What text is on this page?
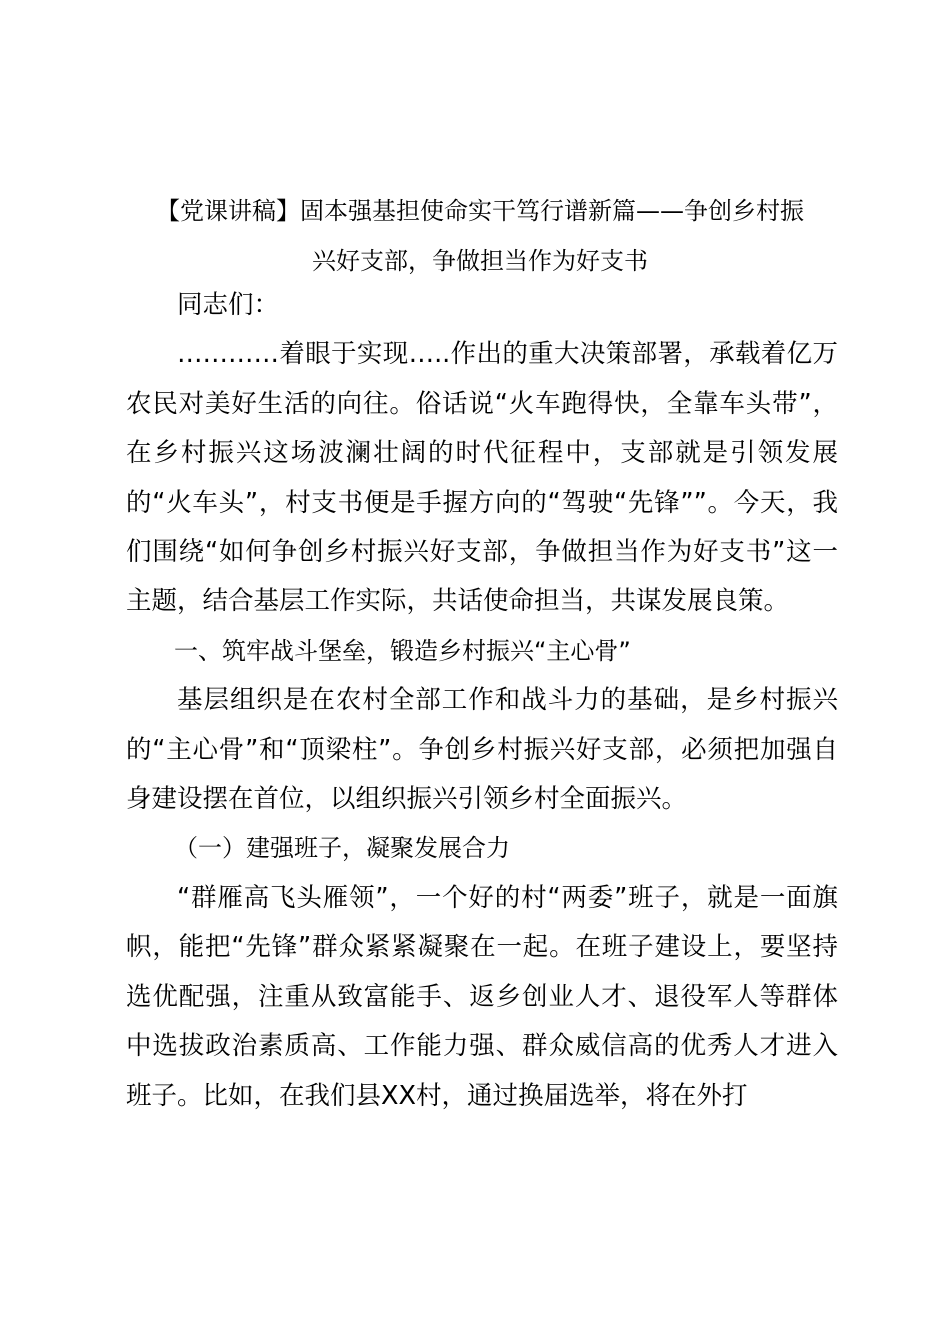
【党课讲稿】固本强基担使命实干笃行谱新篇——争创乡村振
兴好支部，争做担当作为好支书

同志们：

…………着眼于实现…..作出的重大决策部署，承载着亿万农民对美好生活的向往。俗话说“火车跑得快，全靠车头带”，在乡村振兴这场波澜壮阔的时代征程中，支部就是引领发展的“火车头”，村支书便是手握方向的“驾驶“先锋””。今天，我们围绕“如何争创乡村振兴好支部，争做担当作为好支书”这一主题，结合基层工作实际，共话使命担当，共谋发展良策。

一、筑牢战斗堡垒，锻造乡村振兴“主心骨”

基层组织是在农村全部工作和战斗力的基础，是乡村振兴的“主心骨”和“顶梁柱”。争创乡村振兴好支部，必须把加强自身建设摆在首位，以组织振兴引领乡村全面振兴。

（一）建强班子，凝聚发展合力

“群雁高飞头雁领”，一个好的村“两委”班子，就是一面旗帜，能把“先锋”群众紧紧凝聚在一起。在班子建设上，要坚持选优配强，注重从致富能手、返乡创业人才、退役军人等群体中选拔政治素质高、工作能力强、群众威信高的优秀人才进入班子。比如，在我们县XX村，通过换届选举，将在外打
